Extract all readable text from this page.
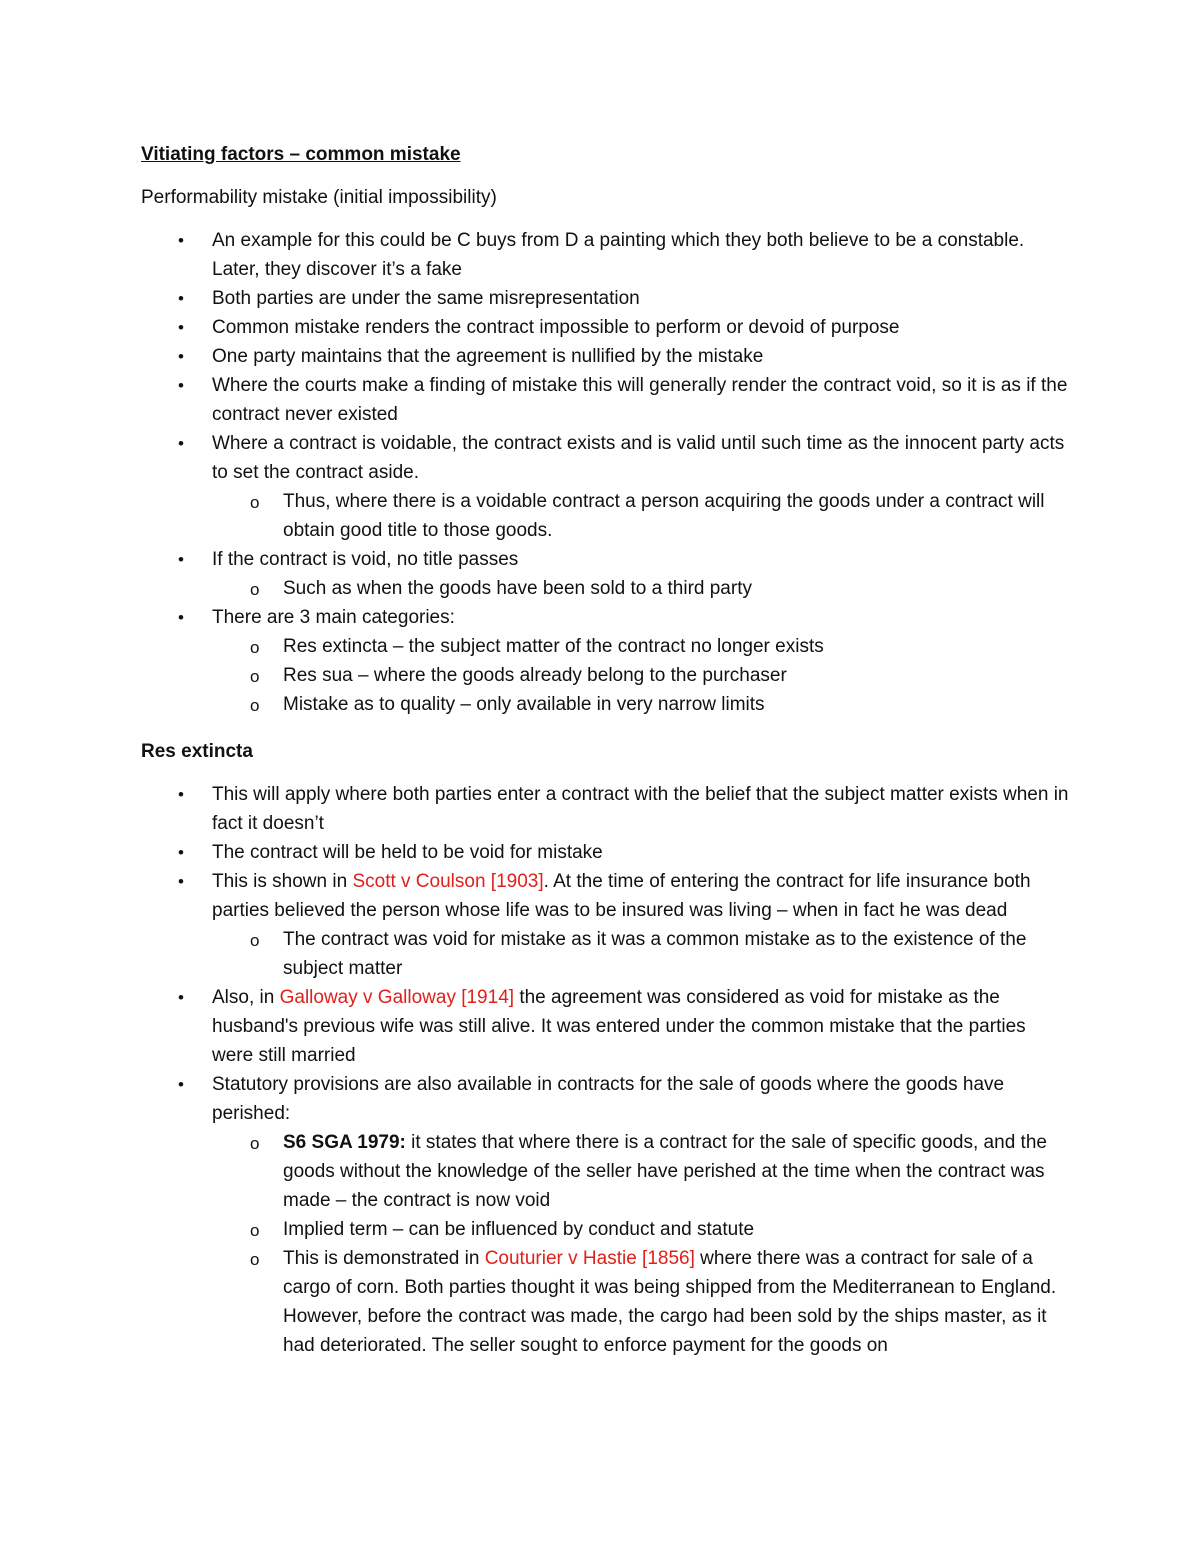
Vitiating factors – common mistake
Performability mistake (initial impossibility)
• An example for this could be C buys from D a painting which they both believe to be a constable. Later, they discover it’s a fake
• Both parties are under the same misrepresentation
• Common mistake renders the contract impossible to perform or devoid of purpose
• One party maintains that the agreement is nullified by the mistake
• Where the courts make a finding of mistake this will generally render the contract void, so it is as if the contract never existed
• Where a contract is voidable, the contract exists and is valid until such time as the innocent party acts to set the contract aside.
o Thus, where there is a voidable contract a person acquiring the goods under a contract will obtain good title to those goods.
• If the contract is void, no title passes
o Such as when the goods have been sold to a third party
• There are 3 main categories:
o Res extincta – the subject matter of the contract no longer exists
o Res sua – where the goods already belong to the purchaser
o Mistake as to quality – only available in very narrow limits
Res extincta
• This will apply where both parties enter a contract with the belief that the subject matter exists when in fact it doesn’t
• The contract will be held to be void for mistake
• This is shown in Scott v Coulson [1903]. At the time of entering the contract for life insurance both parties believed the person whose life was to be insured was living – when in fact he was dead
o The contract was void for mistake as it was a common mistake as to the existence of the subject matter
• Also, in Galloway v Galloway [1914] the agreement was considered as void for mistake as the husband's previous wife was still alive. It was entered under the common mistake that the parties were still married
• Statutory provisions are also available in contracts for the sale of goods where the goods have perished:
o S6 SGA 1979: it states that where there is a contract for the sale of specific goods, and the goods without the knowledge of the seller have perished at the time when the contract was made – the contract is now void
o Implied term – can be influenced by conduct and statute
o This is demonstrated in Couturier v Hastie [1856] where there was a contract for sale of a cargo of corn. Both parties thought it was being shipped from the Mediterranean to England. However, before the contract was made, the cargo had been sold by the ships master, as it had deteriorated. The seller sought to enforce payment for the goods on
